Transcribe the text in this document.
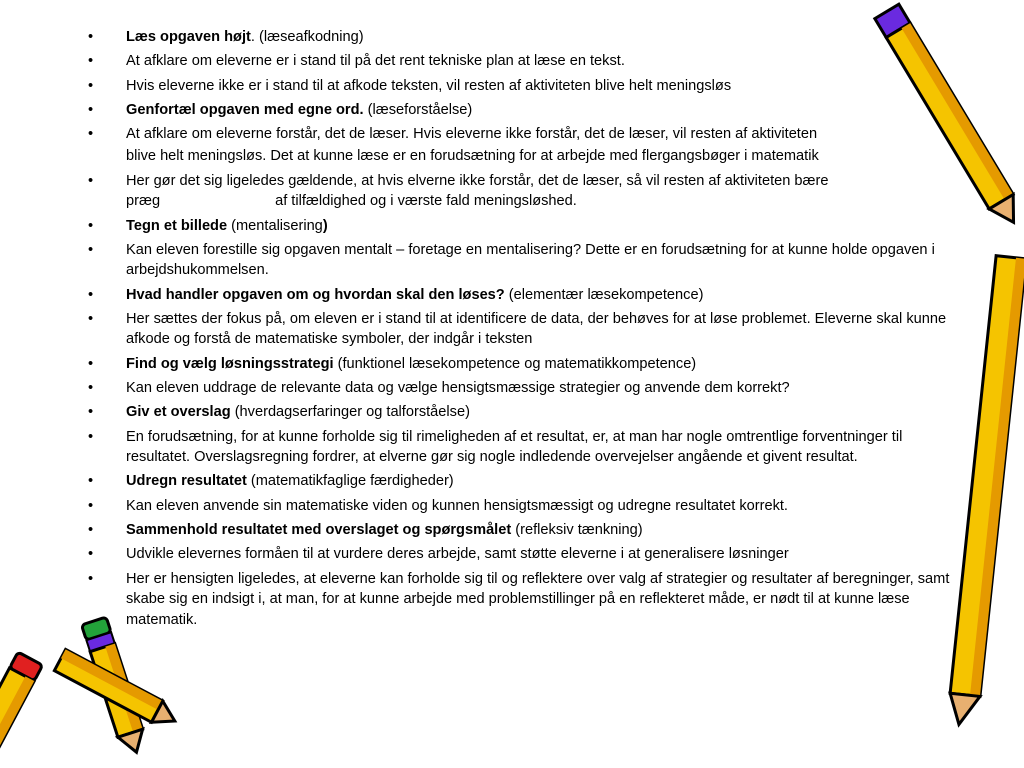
•	Læs opgaven højt. (læseafkodning)
•	At afklare om eleverne er i stand til på det rent tekniske plan at læse en tekst.
•	Hvis eleverne ikke er i stand til at afkode teksten, vil resten af aktiviteten blive helt meningsløs
•	Genfortæl opgaven med egne ord. (læseforståelse)
•	At afklare om eleverne forstår, det de læser. Hvis eleverne ikke forstår, det de læser, vil resten af aktiviteten
blive helt meningsløs. Det at kunne læse er en forudsætning for at arbejde med flergangsbøger i matematik
•	Her gør det sig ligeledes gældende, at hvis elverne ikke forstår, det de læser, så vil resten af aktiviteten bære
præg	af tilfældighed og i værste fald meningsløshed.
•	Tegn et billede (mentalisering)
•	Kan eleven forestille sig opgaven mentalt – foretage en mentalisering? Dette er en forudsætning for at kunne holde opgaven i arbejdshukommelsen.
•	Hvad handler opgaven om og hvordan skal den løses? (elementær læsekompetence)
•	Her sættes der fokus på, om eleven er i stand til at identificere de data, der behøves for at løse problemet. Eleverne skal kunne afkode og forstå de matematiske symboler, der indgår i teksten
•	Find og vælg løsningsstrategi (funktionel læsekompetence og matematikkompetence)
•	Kan eleven uddrage de relevante data og vælge hensigtsmæssige strategier og anvende dem korrekt?
•	Giv et overslag (hverdagserfaringer og talforståelse)
•	En forudsætning, for at kunne forholde sig til rimeligheden af et resultat, er, at man har nogle omtrentlige forventninger til resultatet. Overslagsregning fordrer, at elverne gør sig nogle indledende overvejelser angående et givent resultat.
•	Udregn resultatet (matematikfaglige færdigheder)
•	Kan eleven anvende sin matematiske viden og kunnen hensigtsmæssigt og udregne resultatet korrekt.
•	Sammenhold resultatet med overslaget og spørgsmålet (refleksiv tænkning)
•	Udvikle elevernes formåen til at vurdere deres arbejde, samt støtte eleverne i at generalisere løsninger
•	Her er hensigten ligeledes, at eleverne kan forholde sig til og reflektere over valg af strategier og resultater af beregninger, samt skabe sig en indsigt i, at man, for at kunne arbejde med problemstillinger på en reflekteret måde, er nødt til at kunne læse matematik.
